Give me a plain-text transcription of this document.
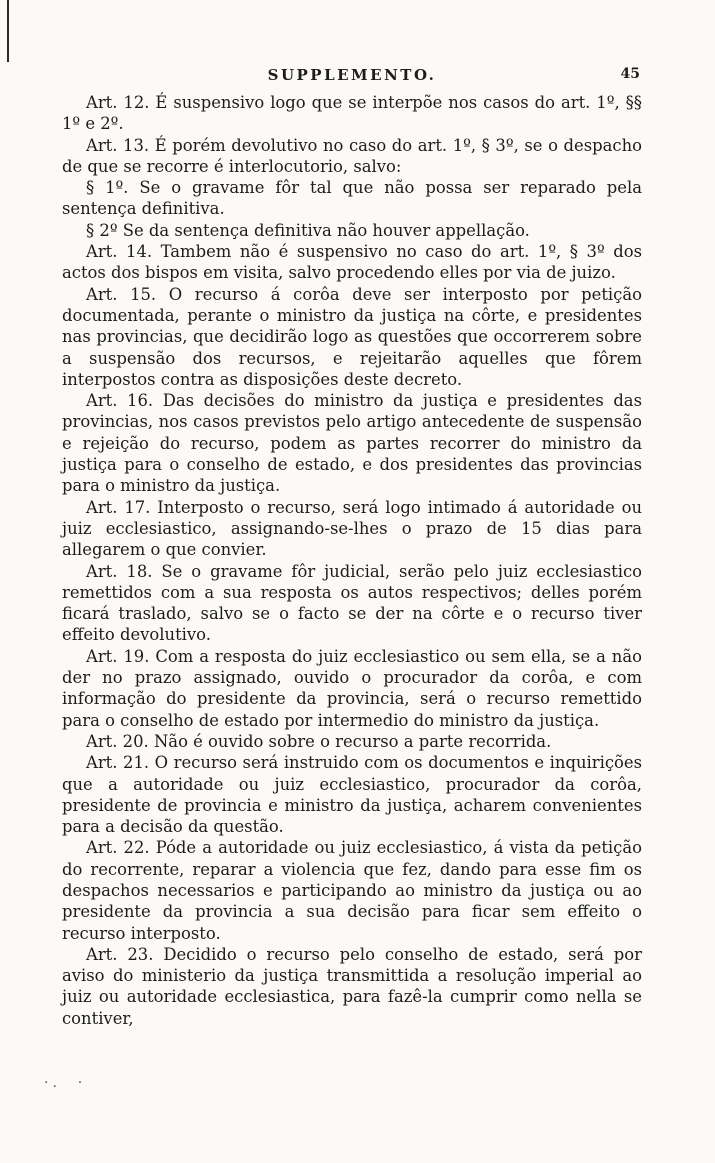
SUPPLEMENTO.	45

Art. 12. É suspensivo logo que se interpõe nos casos do art. 1º, §§ 1º e 2º.

Art. 13. É porém devolutivo no caso do art. 1º, § 3º, se o despacho de que se recorre é interlocutorio, salvo:

§ 1º. Se o gravame fôr tal que não possa ser reparado pela sentença definitiva.

§ 2º Se da sentença definitiva não houver appellação.

Art. 14. Tambem não é suspensivo no caso do art. 1º, § 3º dos actos dos bispos em visita, salvo procedendo elles por via de juizo.

Art. 15. O recurso á corôa deve ser interposto por petição documentada, perante o ministro da justiça na côrte, e presidentes nas provincias, que decidirão logo as questões que occorrerem sobre a suspensão dos recursos, e rejeitarão aquelles que fôrem interpostos contra as disposições deste decreto.

Art. 16. Das decisões do ministro da justiça e presidentes das provincias, nos casos previstos pelo artigo antecedente de suspensão e rejeição do recurso, podem as partes recorrer do ministro da justiça para o conselho de estado, e dos presidentes das provincias para o ministro da justiça.

Art. 17. Interposto o recurso, será logo intimado á autoridade ou juiz ecclesiastico, assignando-se-lhes o prazo de 15 dias para allegarem o que convier.

Art. 18. Se o gravame fôr judicial, serão pelo juiz ecclesiastico remettidos com a sua resposta os autos respectivos; delles porém ficará traslado, salvo se o facto se der na côrte e o recurso tiver effeito devolutivo.

Art. 19. Com a resposta do juiz ecclesiastico ou sem ella, se a não der no prazo assignado, ouvido o procurador da corôa, e com informação do presidente da provincia, será o recurso remettido para o conselho de estado por intermedio do ministro da justiça.

Art. 20. Não é ouvido sobre o recurso a parte recorrida.

Art. 21. O recurso será instruido com os documentos e inquirições que a autoridade ou juiz ecclesiastico, procurador da corôa, presidente de provincia e ministro da justiça, acharem convenientes para a decisão da questão.

Art. 22. Póde a autoridade ou juiz ecclesiastico, á vista da petição do recorrente, reparar a violencia que fez, dando para esse fim os despachos necessarios e participando ao ministro da justiça ou ao presidente da provincia a sua decisão para ficar sem effeito o recurso interposto.

Art. 23. Decidido o recurso pelo conselho de estado, será por aviso do ministerio da justiça transmittida a resolução imperial ao juiz ou autoridade ecclesiastica, para fazê-la cumprir como nella se contiver,

·.  ·
